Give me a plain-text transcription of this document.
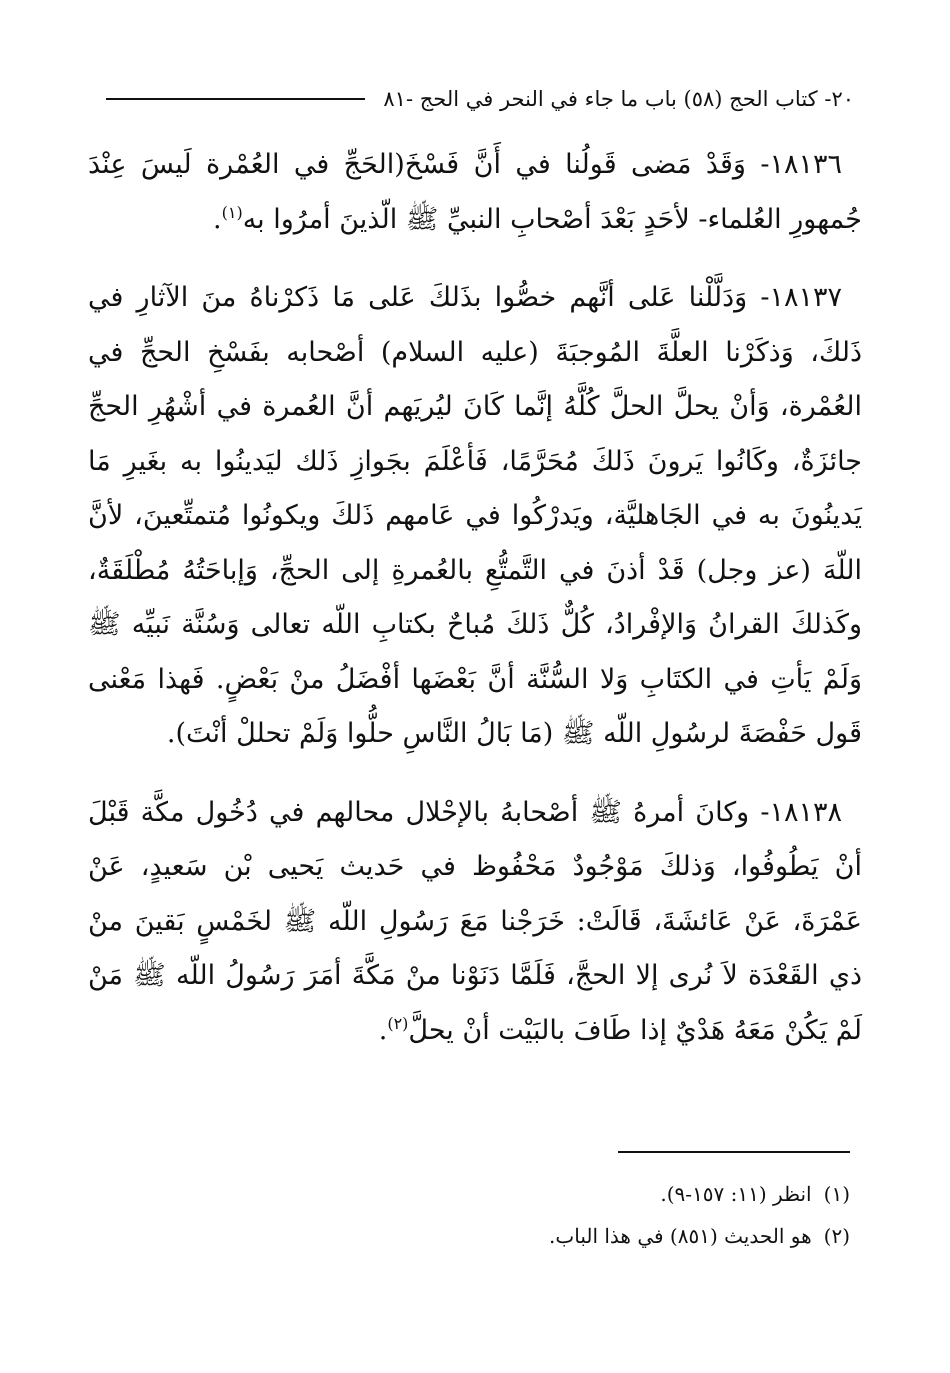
٢٠- كتاب الحج (٥٨) باب ما جاء في النحر في الحج -٨١

١٨١٣٦- وَقَدْ مَضى قَولُنا في أَنَّ فَسْخَ(الحَجِّ في العُمْرة لَيسَ عِنْدَ جُمهورِ العُلماء- لأحَدٍ بَعْدَ أصْحابِ النبيِّ ﷺ الّذينَ أمرُوا به$^{(١)}$.

١٨١٣٧- وَدَلَّلْنا عَلى أنَّهم خصُّوا بذَلكَ عَلى مَا ذَكرْناهُ منَ الآثارِ في ذَلكَ، وَذكَرْنا العلَّةَ المُوجبَةَ (عليه السلام) أصْحابه بفَسْخِ الحجِّ في العُمْرة، وَأنْ يحلَّ الحلَّ كُلَّهُ إنَّما كَانَ ليُريَهم أنَّ العُمرة في أشْهُرِ الحجِّ جائزَةٌ، وكَانُوا يَرونَ ذَلكَ مُحَرَّمًا، فَأعْلَمَ بجَوازِ ذَلك ليَدينُوا به بغَيرِ مَا يَدينُونَ به في الجَاهليَّة، ويَدرْكُوا في عَامهم ذَلكَ ويكونُوا مُتمتِّعينَ، لأنَّ اللّهَ (عز وجل) قَدْ أذنَ في التَّمتُّعِ بالعُمرةِ إلى الحجِّ، وَإباحَتُهُ مُطْلَقَةٌ، وكَذلكَ القرانُ وَالإفْرادُ، كُلٌّ ذَلكَ مُباحٌ بكتابِ اللّه تعالى وَسُنَّة نَبيِّه ﷺ وَلَمْ يَأتِ في الكتَابِ وَلا السُّنَّة أنَّ بَعْضَها أفْضَلُ منْ بَعْضٍ. فَهذا مَعْنى قَول حَفْصَةَ لرسُولِ اللّه ﷺ (مَا بَالُ النَّاسِ حلُّوا وَلَمْ تحللْ أنْتَ).

١٨١٣٨- وكانَ أمرهُ ﷺ أصْحابهُ بالإحْلال محالهم في دُخُول مكَّة قَبْلَ أنْ يَطُوفُوا، وَذلكَ مَوْجُودٌ مَحْفُوظ في حَديث يَحيى بْن سَعيدٍ، عَنْ عَمْرَةَ، عَنْ عَائشَةَ، قَالَتْ: خَرَجْنا مَعَ رَسُولِ اللّه ﷺ لخَمْسٍ بَقينَ منْ ذي القَعْدَة لاَ نُرى إلا الحجَّ، فَلَمَّا دَنَوْنا منْ مَكَّةَ أمَرَ رَسُولُ اللّه ﷺ مَنْ لَمْ يَكُنْ مَعَهُ هَدْيٌ إذا طَافَ بالبَيْت أنْ يحلَّ$^{(٢)}$.

(١)انظر (١١: ١٥٧-٩).
(٢)هو الحديث (٨٥١) في هذا الباب.
